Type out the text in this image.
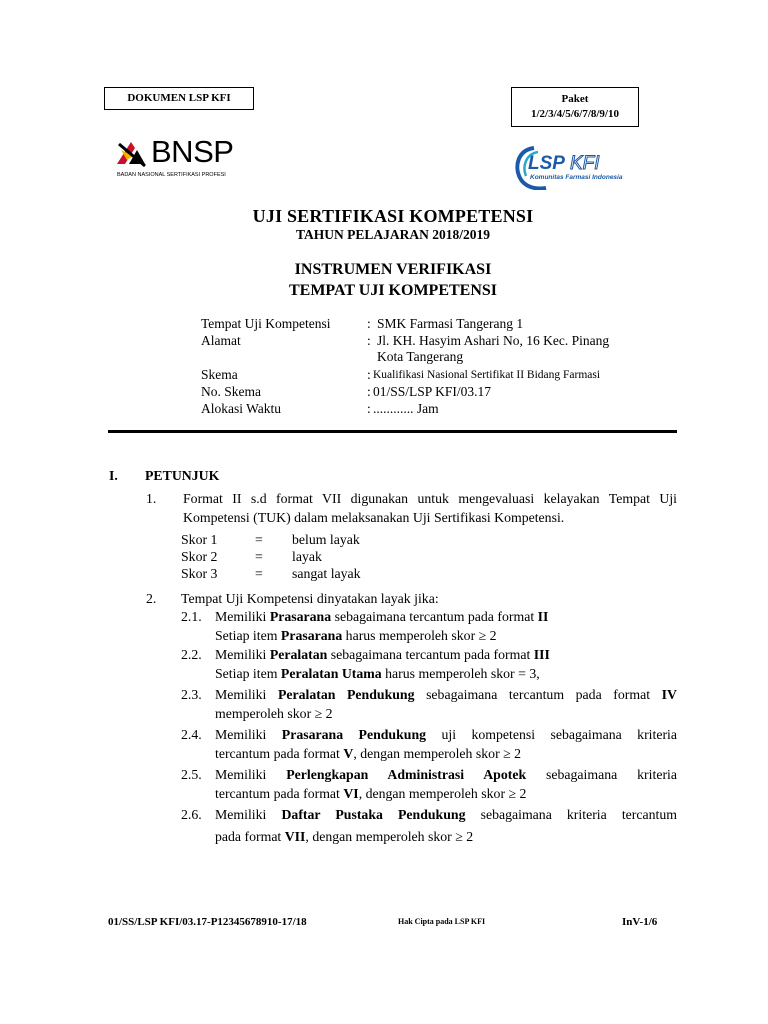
DOKUMEN LSP KFI	Paket
1/2/3/4/5/6/7/8/9/10
BNSP
BADAN NASIONAL SERTIFIKASI PROFESI
LSP KFI
Komunitas Farmasi Indonesia
UJI SERTIFIKASI KOMPETENSI
TAHUN PELAJARAN 2018/2019
INSTRUMEN VERIFIKASI
TEMPAT UJI KOMPETENSI
Tempat Uji Kompetensi	: SMK Farmasi Tangerang 1
Alamat	: Jl. KH. Hasyim Ashari No, 16 Kec. Pinang
Kota Tangerang
Skema	: Kualifikasi Nasional Sertifikat II Bidang Farmasi
No. Skema	: 01/SS/LSP KFI/03.17
Alokasi Waktu	: ............ Jam
I. PETUNJUK
1. Format II s.d format VII digunakan untuk mengevaluasi kelayakan Tempat Uji
Kompetensi (TUK) dalam melaksanakan Uji Sertifikasi Kompetensi.
Skor 1	= belum layak
Skor 2	= layak
Skor 3	= sangat layak
2. Tempat Uji Kompetensi dinyatakan layak jika:
2.1. Memiliki Prasarana sebagaimana tercantum pada format II
Setiap item Prasarana harus memperoleh skor ≥ 2
2.2. Memiliki Peralatan sebagaimana tercantum pada format III
Setiap item Peralatan Utama harus memperoleh skor = 3,
2.3. Memiliki Peralatan Pendukung sebagaimana tercantum pada format IV
memperoleh skor ≥ 2
2.4. Memiliki Prasarana Pendukung uji kompetensi sebagaimana kriteria
tercantum pada format V, dengan memperoleh skor ≥ 2
2.5. Memiliki Perlengkapan Administrasi Apotek sebagaimana kriteria
tercantum pada format VI, dengan memperoleh skor ≥ 2
2.6. Memiliki Daftar Pustaka Pendukung sebagaimana kriteria tercantum
pada format VII, dengan memperoleh skor ≥ 2
01/SS/LSP KFI/03.17-P12345678910-17/18	Hak Cipta pada LSP KFI	InV-1/6
